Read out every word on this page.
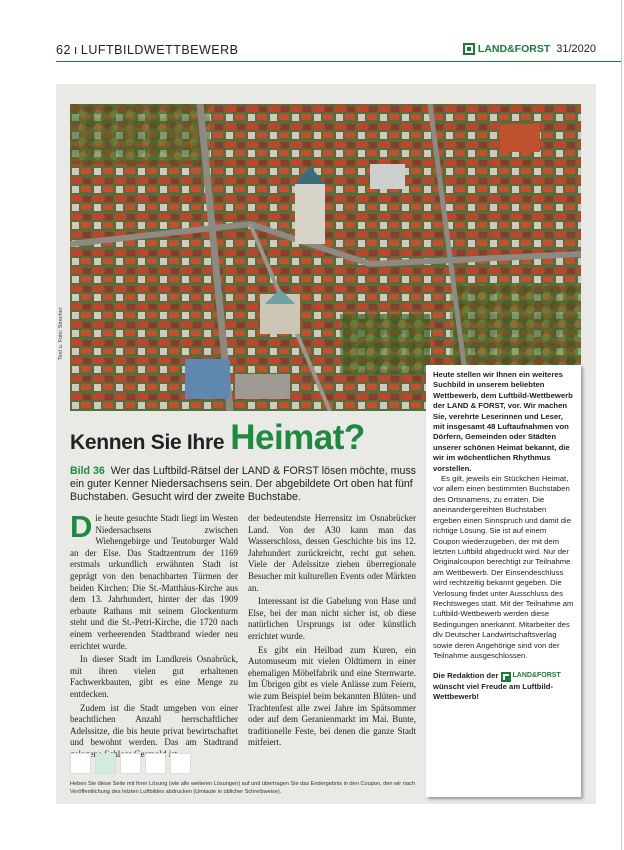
62 ı LUFTBILDWETTBEWERB	LAND&FORST 31/2020
Text u. Foto: Strecher
Kennen Sie Ihre Heimat?
Bild 36 Wer das Luftbild-Rätsel der LAND & FORST lösen möchte, muss ein guter Kenner Niedersachsens sein. Der abgebildete Ort oben hat fünf Buchstaben. Gesucht wird der zweite Buchstabe.

Die heute gesuchte Stadt liegt im Westen Niedersachsens zwischen Wiehengebirge und Teutoburger Wald an der Else. Das Stadtzentrum der 1169 erstmals urkundlich erwähnten Stadt ist geprägt von den benachbarten Türmen der beiden Kirchen: Die St.-Matthäus-Kirche aus dem 13. Jahrhundert, hinter der das 1909 erbaute Rathaus mit seinem Glockenturm steht und die St.-Petri-Kirche, die 1720 nach einem verheerenden Stadtbrand wieder neu errichtet wurde.

In dieser Stadt im Landkreis Osnabrück, mit ihren vielen gut erhaltenen Fachwerkbauten, gibt es eine Menge zu entdecken.

Zudem ist die Stadt umgeben von einer beachtlichen Anzahl herrschaftlicher Adelssitze, die bis heute privat bewirtschaftet und bewohnt werden. Das am Stadtrand Schloss

der bedeutendste Herrensitz im Osnabrücker Land. Von der A30 kann man das Wasserschloss, dessen Geschichte bis ins 12. Jahrhundert zurückreicht, recht gut sehen. Viele der Adelssitze ziehen überregionale Besucher mit kulturellen Events oder Märkten an.

Interessant ist die Gabelung von Hase und Else, bei der man nicht sicher ist, ob diese natürlichen Ursprungs ist oder künstlich errichtet wurde.

Es gibt ein Heilbad zum Kuren, ein Automuseum mit vielen Oldtimern in einer ehemaligen Möbelfabrik und eine Sternwarte. Im Übrigen gibt es viele Anlässe zum Feiern, wie zum Beispiel beim bekannten Blüten- und Trachtenfest alle zwei Jahre im Spätsommer oder auf dem Geranienmarkt im Mai. Bunte, traditionelle Feste, bei denen die ganze Stadt mitfeiert.

Heute stellen wir Ihnen ein weiteres Suchbild in unserem beliebten Wettbewerb, dem Luftbild-Wettbewerb der LAND & FORST, vor. Wir machen Sie, verehrte Leserinnen und Leser, mit insgesamt 48 Luftaufnahmen von Dörfern, Gemeinden oder Städten unserer schönen Heimat bekannt, die wir im wöchentlichen Rhythmus vorstellen.

Es gilt, jeweils ein Stückchen Heimat, vor allem einen bestimmten Buchstaben des Ortsnamens, zu erraten. Die aneinandergereihten Buchstaben ergeben einen Sinnspruch und damit die richtige Lösung. Sie ist auf einem Coupon wiederzugeben, der mit dem letzten Luftbild abgedruckt wird. Nur der Originalcoupon berechtigt zur Teilnahme am Wettbewerb. Der Einsendeschluss wird rechtzeitig bekannt gegeben. Die Verlosung findet unter Ausschluss des Rechtsweges statt. Mit der Teilnahme am Luftbild-Wettbewerb werden diese Bedingungen anerkannt. Mitarbeiter des dlv Deutscher Landwirtschaftsverlag sowie deren Angehörige sind von der Teilnahme ausgeschlossen.

Die Redaktion der LAND&FORST
wünscht viel Freude am Luftbild-Wettbewerb!

Heben Sie diese Seite mit Ihrer Lösung (wie alle weiteren Lösungen) auf und übertragen Sie das Endergebnis in den Coupon, den wir nach Veröffentlichung des letzten Luftbildes abdrucken (Umlaute in üblicher Schreibweise).
